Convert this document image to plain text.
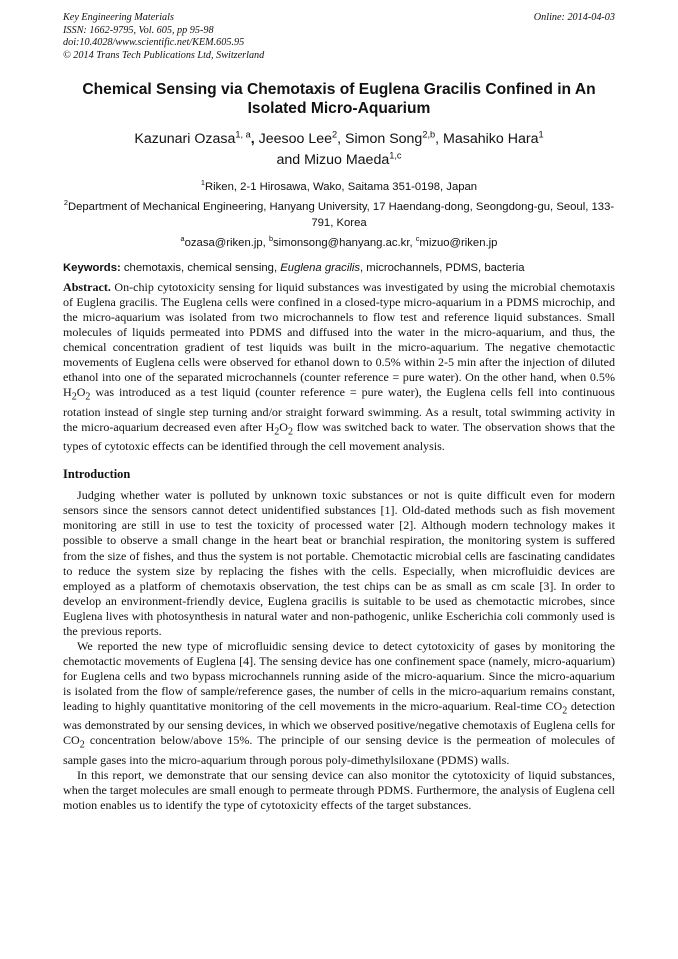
Key Engineering Materials
ISSN: 1662-9795, Vol. 605, pp 95-98
doi:10.4028/www.scientific.net/KEM.605.95
© 2014 Trans Tech Publications Ltd, Switzerland
Online: 2014-04-03
Chemical Sensing via Chemotaxis of Euglena Gracilis Confined in An Isolated Micro-Aquarium
Kazunari Ozasa$^{1, a}$, Jeesoo Lee$^2$, Simon Song$^{2,b}$, Masahiko Hara$^1$
and Mizuo Maeda$^{1,c}$
$^1$Riken, 2-1 Hirosawa, Wako, Saitama 351-0198, Japan
$^2$Department of Mechanical Engineering, Hanyang University, 17 Haendang-dong, Seongdong-gu, Seoul, 133-791, Korea
$^a$ozasa@riken.jp, $^b$simonsong@hanyang.ac.kr, $^c$mizuo@riken.jp
Keywords: chemotaxis, chemical sensing, Euglena gracilis, microchannels, PDMS, bacteria

Abstract. On-chip cytotoxicity sensing for liquid substances was investigated by using the microbial chemotaxis of Euglena gracilis. The Euglena cells were confined in a closed-type micro-aquarium in a PDMS microchip, and the micro-aquarium was isolated from two microchannels to flow test and reference liquid substances. Small molecules of liquids permeated into PDMS and diffused into the water in the micro-aquarium, and thus, the chemical concentration gradient of test liquids was built in the micro-aquarium. The negative chemotactic movements of Euglena cells were observed for ethanol down to 0.5% within 2-5 min after the injection of diluted ethanol into one of the separated microchannels (counter reference = pure water). On the other hand, when 0.5% $H_2O_2$ was introduced as a test liquid (counter reference = pure water), the Euglena cells fell into continuous rotation instead of single step turning and/or straight forward swimming. As a result, total swimming activity in the micro-aquarium decreased even after $H_2O_2$ flow was switched back to water. The observation shows that the types of cytotoxic effects can be identified through the cell movement analysis.

Introduction

Judging whether water is polluted by unknown toxic substances or not is quite difficult even for modern sensors since the sensors cannot detect unidentified substances [1]. Old-dated methods such as fish movement monitoring are still in use to test the toxicity of processed water [2]. Although modern technology makes it possible to observe a small change in the heart beat or branchial respiration, the monitoring system is suffered from the size of fishes, and thus the system is not portable. Chemotactic microbial cells are fascinating candidates to reduce the system size by replacing the fishes with the cells. Especially, when microfluidic devices are employed as a platform of chemotaxis observation, the test chips can be as small as cm scale [3]. In order to develop an environment-friendly device, Euglena gracilis is suitable to be used as chemotactic microbes, since Euglena lives with photosynthesis in natural water and non-pathogenic, unlike Escherichia coli commonly used is the previous reports.

We reported the new type of microfluidic sensing device to detect cytotoxicity of gases by monitoring the chemotactic movements of Euglena [4]. The sensing device has one confinement space (namely, micro-aquarium) for Euglena cells and two bypass microchannels running aside of the micro-aquarium. Since the micro-aquarium is isolated from the flow of sample/reference gases, the number of cells in the micro-aquarium remains constant, leading to highly quantitative monitoring of the cell movements in the micro-aquarium. Real-time $CO_2$ detection was demonstrated by our sensing devices, in which we observed positive/negative chemotaxis of Euglena cells for $CO_2$ concentration below/above 15%. The principle of our sensing device is the permeation of molecules of sample gases into the micro-aquarium through porous poly-dimethylsiloxane (PDMS) walls.

In this report, we demonstrate that our sensing device can also monitor the cytotoxicity of liquid substances, when the target molecules are small enough to permeate through PDMS. Furthermore, the analysis of Euglena cell motion enables us to identify the type of cytotoxicity effects of the target substances.
